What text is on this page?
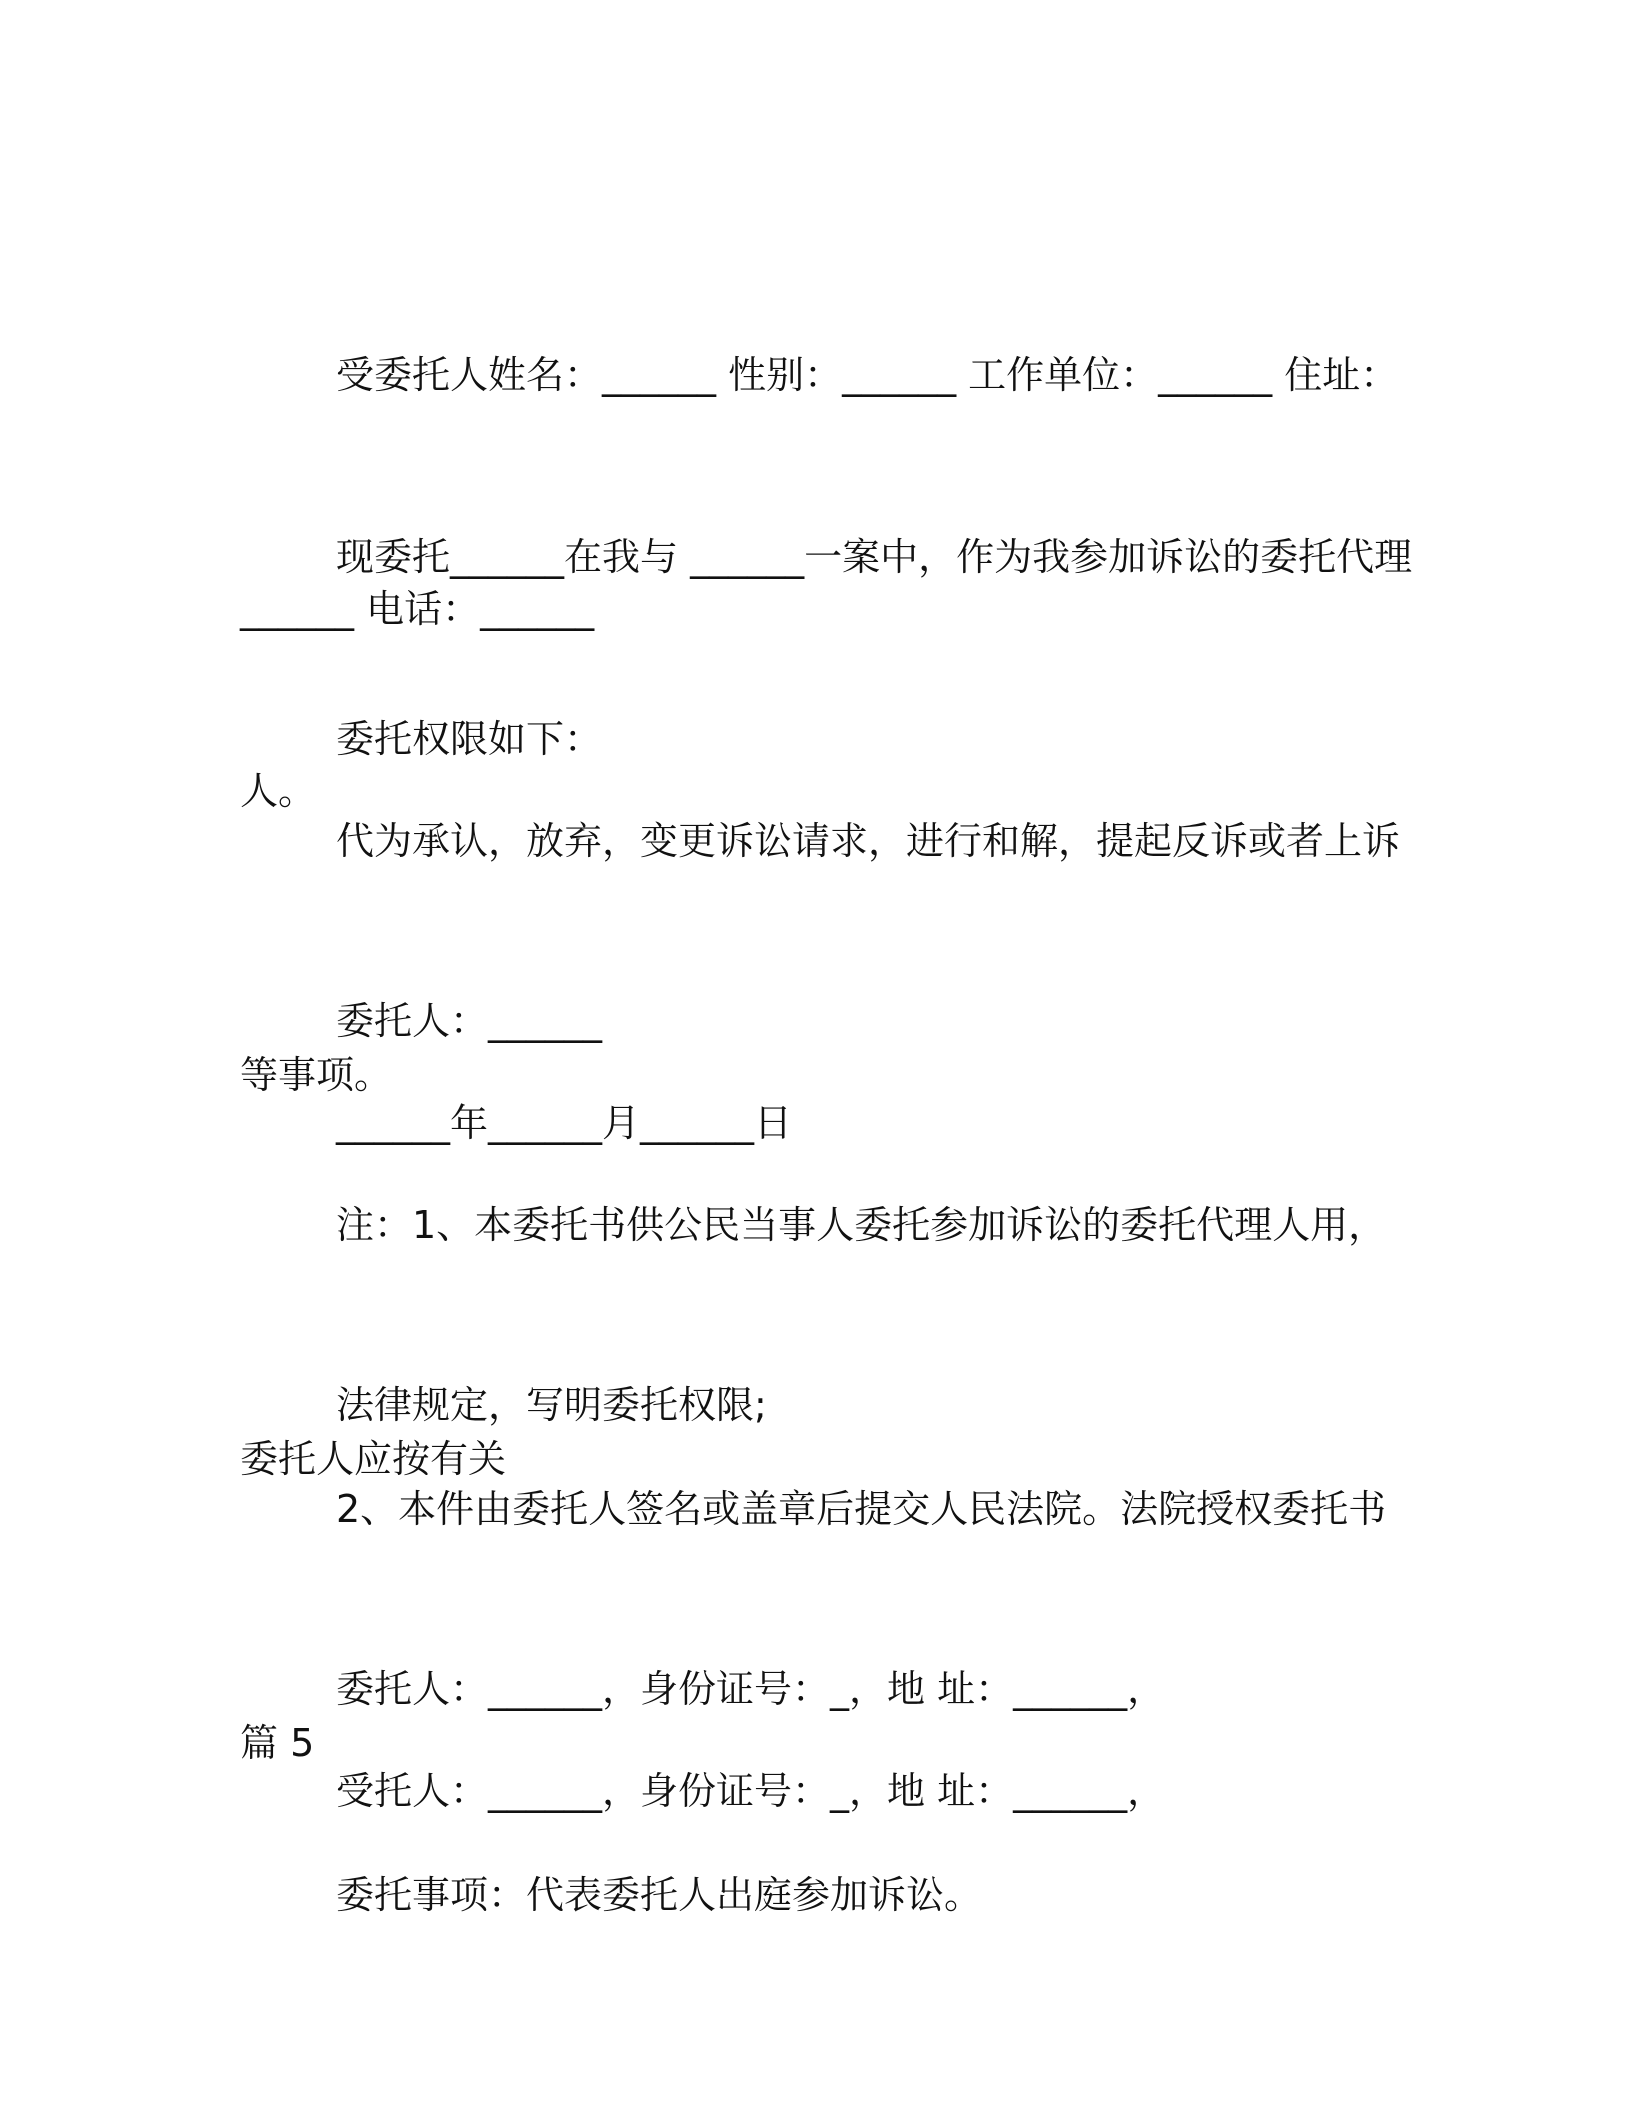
受委托人姓名：______ 性别：______ 工作单位：______ 住址：

______ 电话：______

现委托______在我与 ______一案中，作为我参加诉讼的委托代理

人。

委托权限如下：

代为承认，放弃，变更诉讼请求，进行和解，提起反诉或者上诉

等事项。

委托人：______

______年______月______日

注：1、本委托书供公民当事人委托参加诉讼的委托代理人用，

委托人应按有关

法律规定，写明委托权限;

2、本件由委托人签名或盖章后提交人民法院。法院授权委托书

篇 5

委托人：______，身份证号：_，地 址：______，

受托人：______，身份证号：_，地 址：______，

委托事项：代表委托人出庭参加诉讼。
